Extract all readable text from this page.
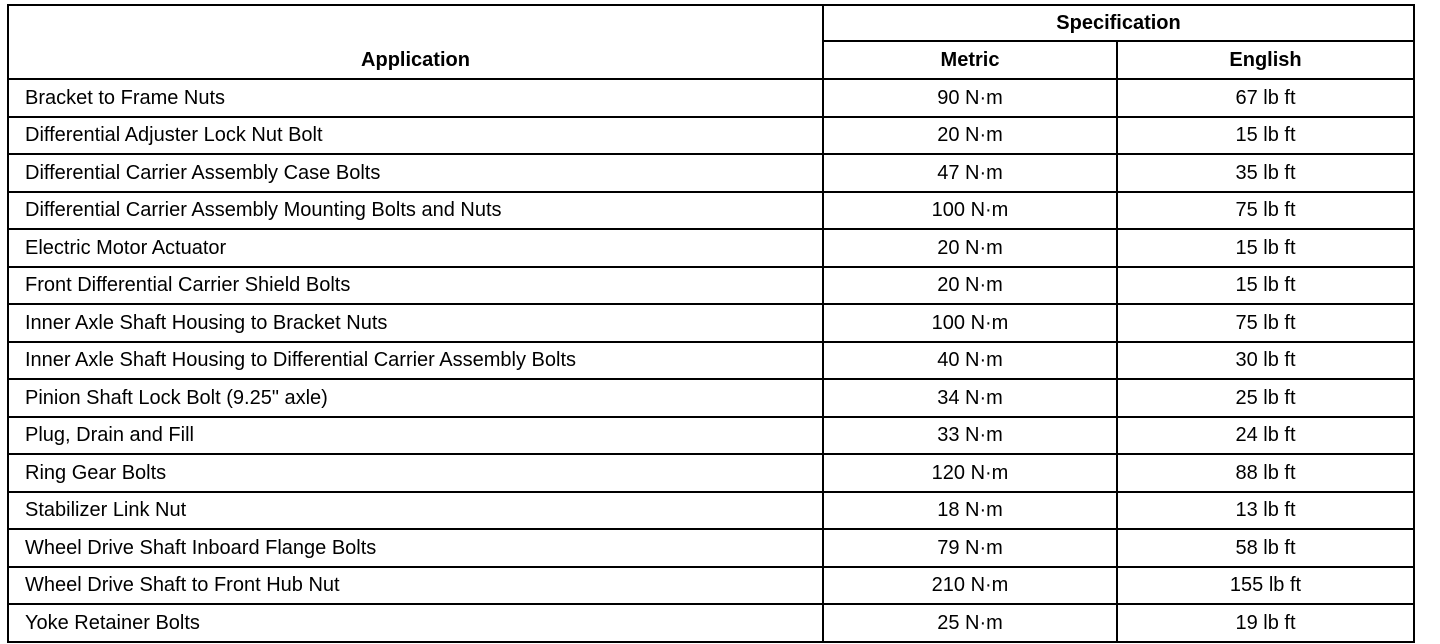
Application	Specification	
	Metric	English
Bracket to Frame Nuts	90 N·m	67 lb ft
Differential Adjuster Lock Nut Bolt	20 N·m	15 lb ft
Differential Carrier Assembly Case Bolts	47 N·m	35 lb ft
Differential Carrier Assembly Mounting Bolts and Nuts	100 N·m	75 lb ft
Electric Motor Actuator	20 N·m	15 lb ft
Front Differential Carrier Shield Bolts	20 N·m	15 lb ft
Inner Axle Shaft Housing to Bracket Nuts	100 N·m	75 lb ft
Inner Axle Shaft Housing to Differential Carrier Assembly Bolts	40 N·m	30 lb ft
Pinion Shaft Lock Bolt (9.25" axle)	34 N·m	25 lb ft
Plug, Drain and Fill	33 N·m	24 lb ft
Ring Gear Bolts	120 N·m	88 lb ft
Stabilizer Link Nut	18 N·m	13 lb ft
Wheel Drive Shaft Inboard Flange Bolts	79 N·m	58 lb ft
Wheel Drive Shaft to Front Hub Nut	210 N·m	155 lb ft
Yoke Retainer Bolts	25 N·m	19 lb ft
